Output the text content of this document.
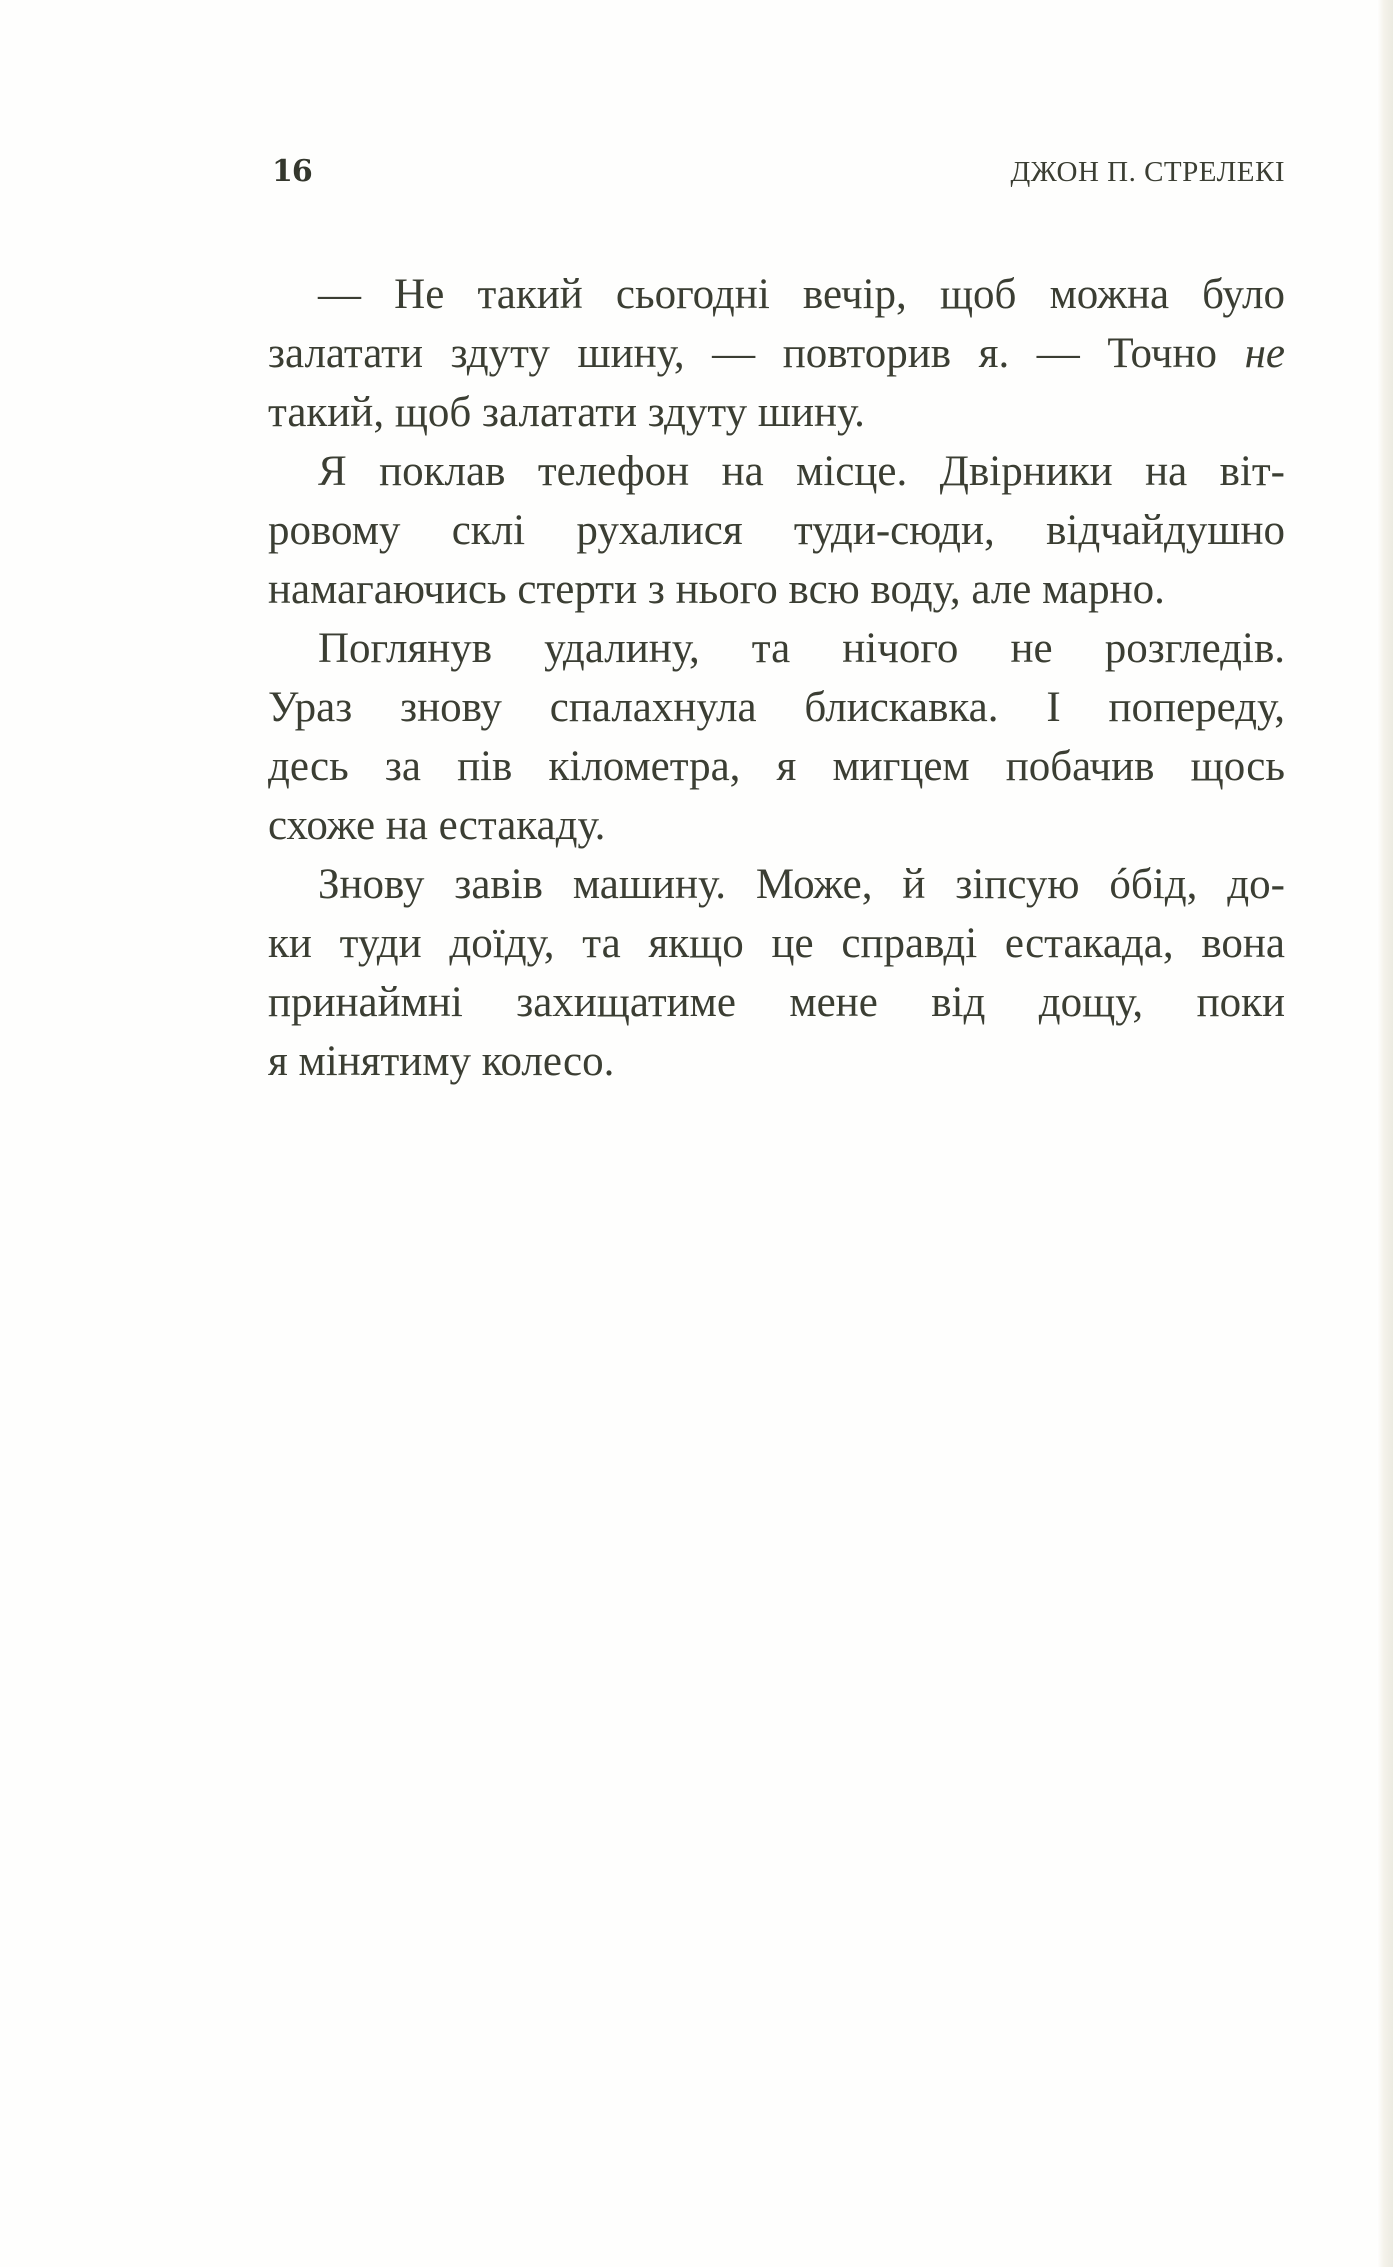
16	ДЖОН П. СТРЕЛЕКІ

— Не такий сьогодні вечір, щоб можна було
залатати здуту шину, — повторив я. — Точно не
такий, щоб залатати здуту шину.

Я поклав телефон на місце. Двірники на віт-
ровому склі рухалися туди-сюди, відчайдушно
намагаючись стерти з нього всю воду, але марно.

Поглянув удалину, та нічого не розгледів.
Ураз знову спалахнула блискавка. І попереду,
десь за пів кілометра, я мигцем побачив щось
схоже на естакаду.

Знову завів машину. Може, й зіпсую óбід, до-
ки туди доїду, та якщо це справді естакада, вона
принаймні захищатиме мене від дощу, поки
я мінятиму колесо.
